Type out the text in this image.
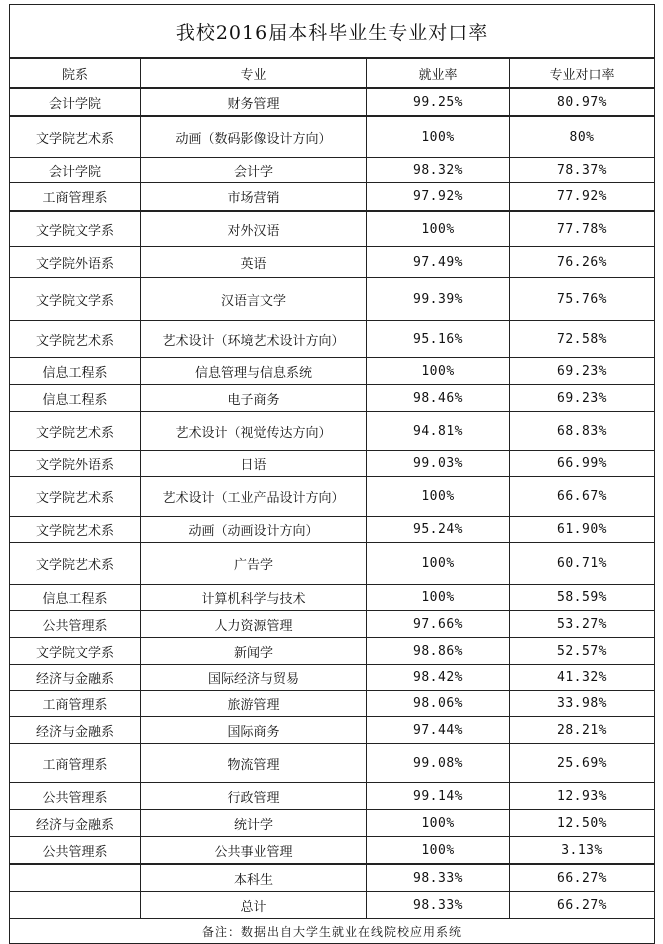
我校2016届本科毕业生专业对口率			
院系	专业	就业率	专业对口率
会计学院	财务管理	99.25%	80.97%
文学院艺术系	动画（数码影像设计方向）	100%	80%
会计学院	会计学	98.32%	78.37%
工商管理系	市场营销	97.92%	77.92%
文学院文学系	对外汉语	100%	77.78%
文学院外语系	英语	97.49%	76.26%
文学院文学系	汉语言文学	99.39%	75.76%
文学院艺术系	艺术设计（环境艺术设计方向）	95.16%	72.58%
信息工程系	信息管理与信息系统	100%	69.23%
信息工程系	电子商务	98.46%	69.23%
文学院艺术系	艺术设计（视觉传达方向）	94.81%	68.83%
文学院外语系	日语	99.03%	66.99%
文学院艺术系	艺术设计（工业产品设计方向）	100%	66.67%
文学院艺术系	动画（动画设计方向）	95.24%	61.90%
文学院艺术系	广告学	100%	60.71%
信息工程系	计算机科学与技术	100%	58.59%
公共管理系	人力资源管理	97.66%	53.27%
文学院文学系	新闻学	98.86%	52.57%
经济与金融系	国际经济与贸易	98.42%	41.32%
工商管理系	旅游管理	98.06%	33.98%
经济与金融系	国际商务	97.44%	28.21%
工商管理系	物流管理	99.08%	25.69%
公共管理系	行政管理	99.14%	12.93%
经济与金融系	统计学	100%	12.50%
公共管理系	公共事业管理	100%	3.13%
	本科生	98.33%	66.27%
	总计	98.33%	66.27%
备注：数据出自大学生就业在线院校应用系统			
